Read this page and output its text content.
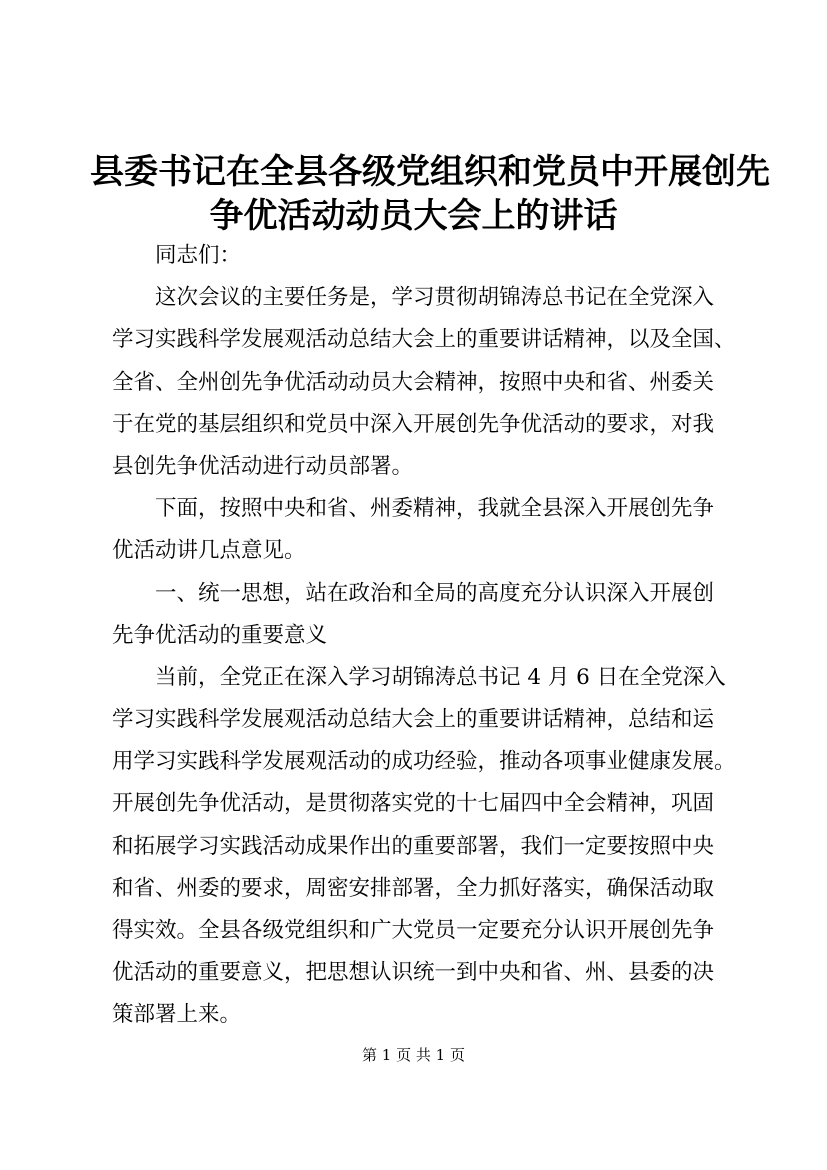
县委书记在全县各级党组织和党员中开展创先
争优活动动员大会上的讲话

同志们：

这次会议的主要任务是，学习贯彻胡锦涛总书记在全党深入
学习实践科学发展观活动总结大会上的重要讲话精神，以及全国、
全省、全州创先争优活动动员大会精神，按照中央和省、州委关
于在党的基层组织和党员中深入开展创先争优活动的要求，对我
县创先争优活动进行动员部署。

下面，按照中央和省、州委精神，我就全县深入开展创先争
优活动讲几点意见。

一、统一思想，站在政治和全局的高度充分认识深入开展创
先争优活动的重要意义

当前，全党正在深入学习胡锦涛总书记 4 月 6 日在全党深入
学习实践科学发展观活动总结大会上的重要讲话精神，总结和运
用学习实践科学发展观活动的成功经验，推动各项事业健康发展。
开展创先争优活动，是贯彻落实党的十七届四中全会精神，巩固
和拓展学习实践活动成果作出的重要部署，我们一定要按照中央
和省、州委的要求，周密安排部署，全力抓好落实，确保活动取
得实效。全县各级党组织和广大党员一定要充分认识开展创先争
优活动的重要意义，把思想认识统一到中央和省、州、县委的决
策部署上来。

第 1 页 共 1 页
